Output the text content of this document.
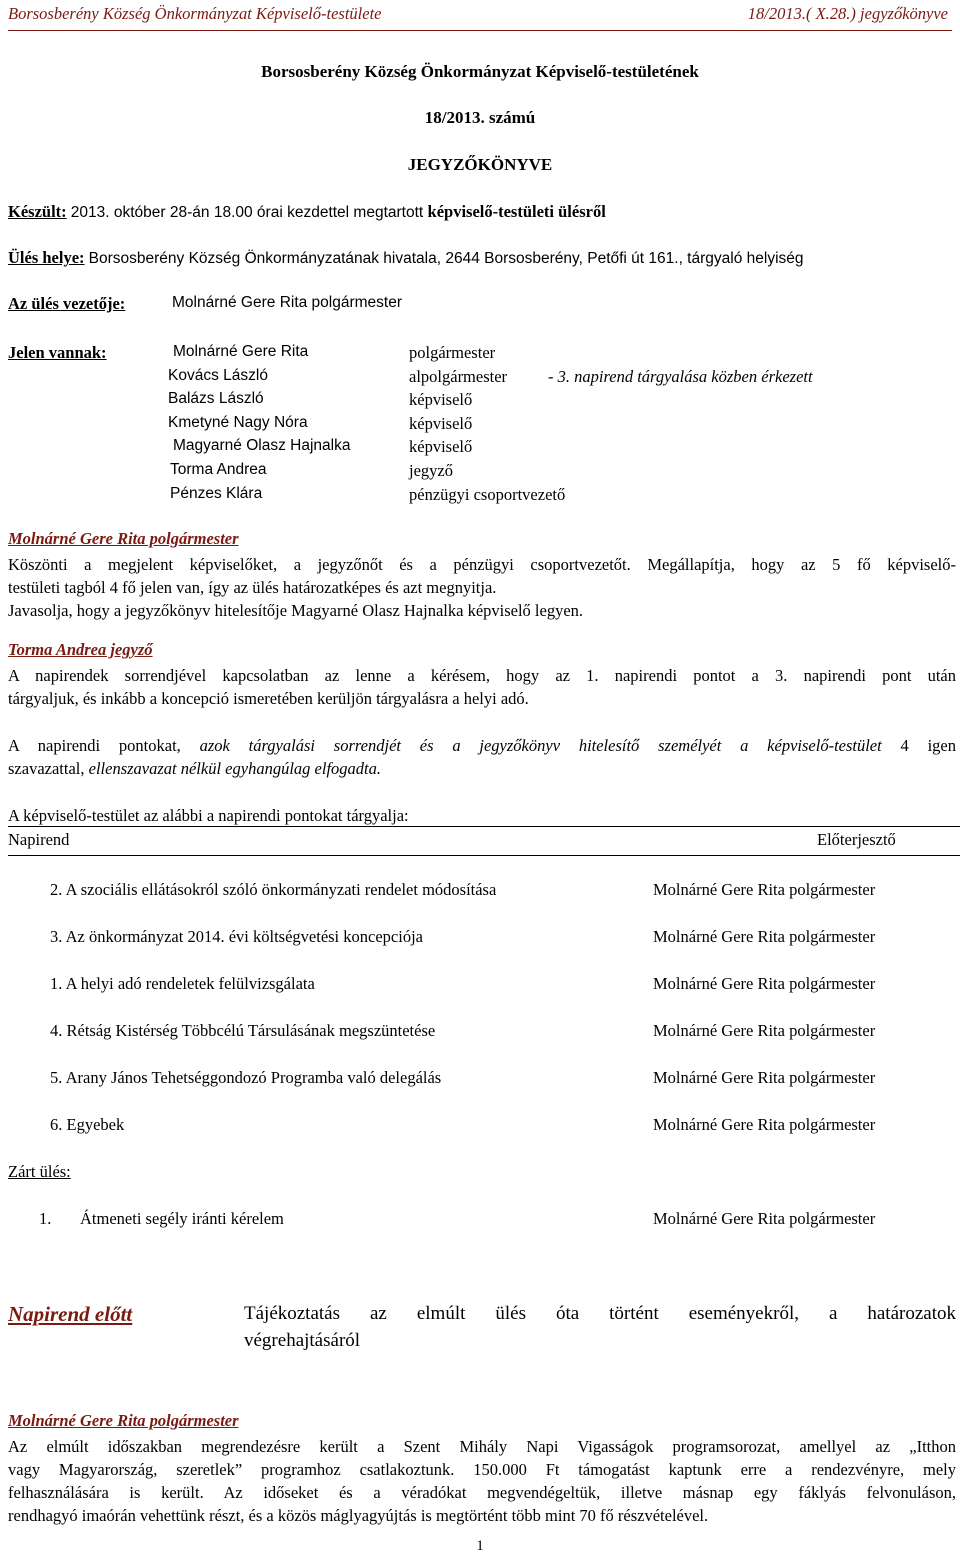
Borsosberény Község Önkormányzat Képviselő-testülete	18/2013.( X.28.) jegyzőkönyve
Borsosberény Község Önkormányzat Képviselő-testületének
18/2013. számú
JEGYZŐKÖNYVE
Készült: 2013. október 28-án 18.00 órai kezdettel megtartott képviselő-testületi ülésről
Ülés helye: Borsosberény Község Önkormányzatának hivatala, 2644 Borsosberény, Petőfi út 161., tárgyaló helyiség
Az ülés vezetője:	Molnárné Gere Rita polgármester
Jelen vannak:	Molnárné Gere Rita	polgármester
Kovács László	alpolgármester - 3. napirend tárgyalása közben érkezett
Balázs László	képviselő
Kmetyné Nagy Nóra	képviselő
Magyarné Olasz Hajnalka	képviselő
Torma Andrea	jegyző
Pénzes Klára	pénzügyi csoportvezető
Molnárné Gere Rita polgármester
Köszönti a megjelent képviselőket, a jegyzőnőt és a pénzügyi csoportvezetőt. Megállapítja, hogy az 5 fő képviselő-
testületi tagból 4 fő jelen van, így az ülés határozatképes és azt megnyitja.
Javasolja, hogy a jegyzőkönyv hitelesítője Magyarné Olasz Hajnalka képviselő legyen.
Torma Andrea jegyző
A napirendek sorrendjével kapcsolatban az lenne a kérésem, hogy az 1. napirendi pontot a 3. napirendi pont után
tárgyaljuk, és inkább a koncepció ismeretében kerüljön tárgyalásra a helyi adó.
A napirendi pontokat, azok tárgyalási sorrendjét és a jegyzőkönyv hitelesítő személyét a képviselő-testület 4 igen
szavazattal, ellenszavazat nélkül egyhangúlag elfogadta.
A képviselő-testület az alábbi a napirendi pontokat tárgyalja:
Napirend	Előterjesztő
2. A szociális ellátásokról szóló önkormányzati rendelet módosítása	Molnárné Gere Rita polgármester
3. Az önkormányzat 2014. évi költségvetési koncepciója	Molnárné Gere Rita polgármester
1. A helyi adó rendeletek felülvizsgálata	Molnárné Gere Rita polgármester
4. Rétság Kistérség Többcélú Társulásának megszüntetése	Molnárné Gere Rita polgármester
5. Arany János Tehetséggondozó Programba való delegálás	Molnárné Gere Rita polgármester
6. Egyebek	Molnárné Gere Rita polgármester
Zárt ülés:
1. Átmeneti segély iránti kérelem	Molnárné Gere Rita polgármester
Napirend előtt	Tájékoztatás az elmúlt ülés óta történt eseményekről, a határozatok
végrehajtásáról
Molnárné Gere Rita polgármester
Az elmúlt időszakban megrendezésre került a Szent Mihály Napi Vigasságok programsorozat, amellyel az „Itthon
vagy Magyarország, szeretlek” programhoz csatlakoztunk. 150.000 Ft támogatást kaptunk erre a rendezvényre, mely
felhasználására is került. Az időseket és a véradókat megvendégeltük, illetve másnap egy fáklyás felvonuláson,
rendhagyó imaórán vehettünk részt, és a közös máglyagyújtás is megtörtént több mint 70 fő részvételével.
1
